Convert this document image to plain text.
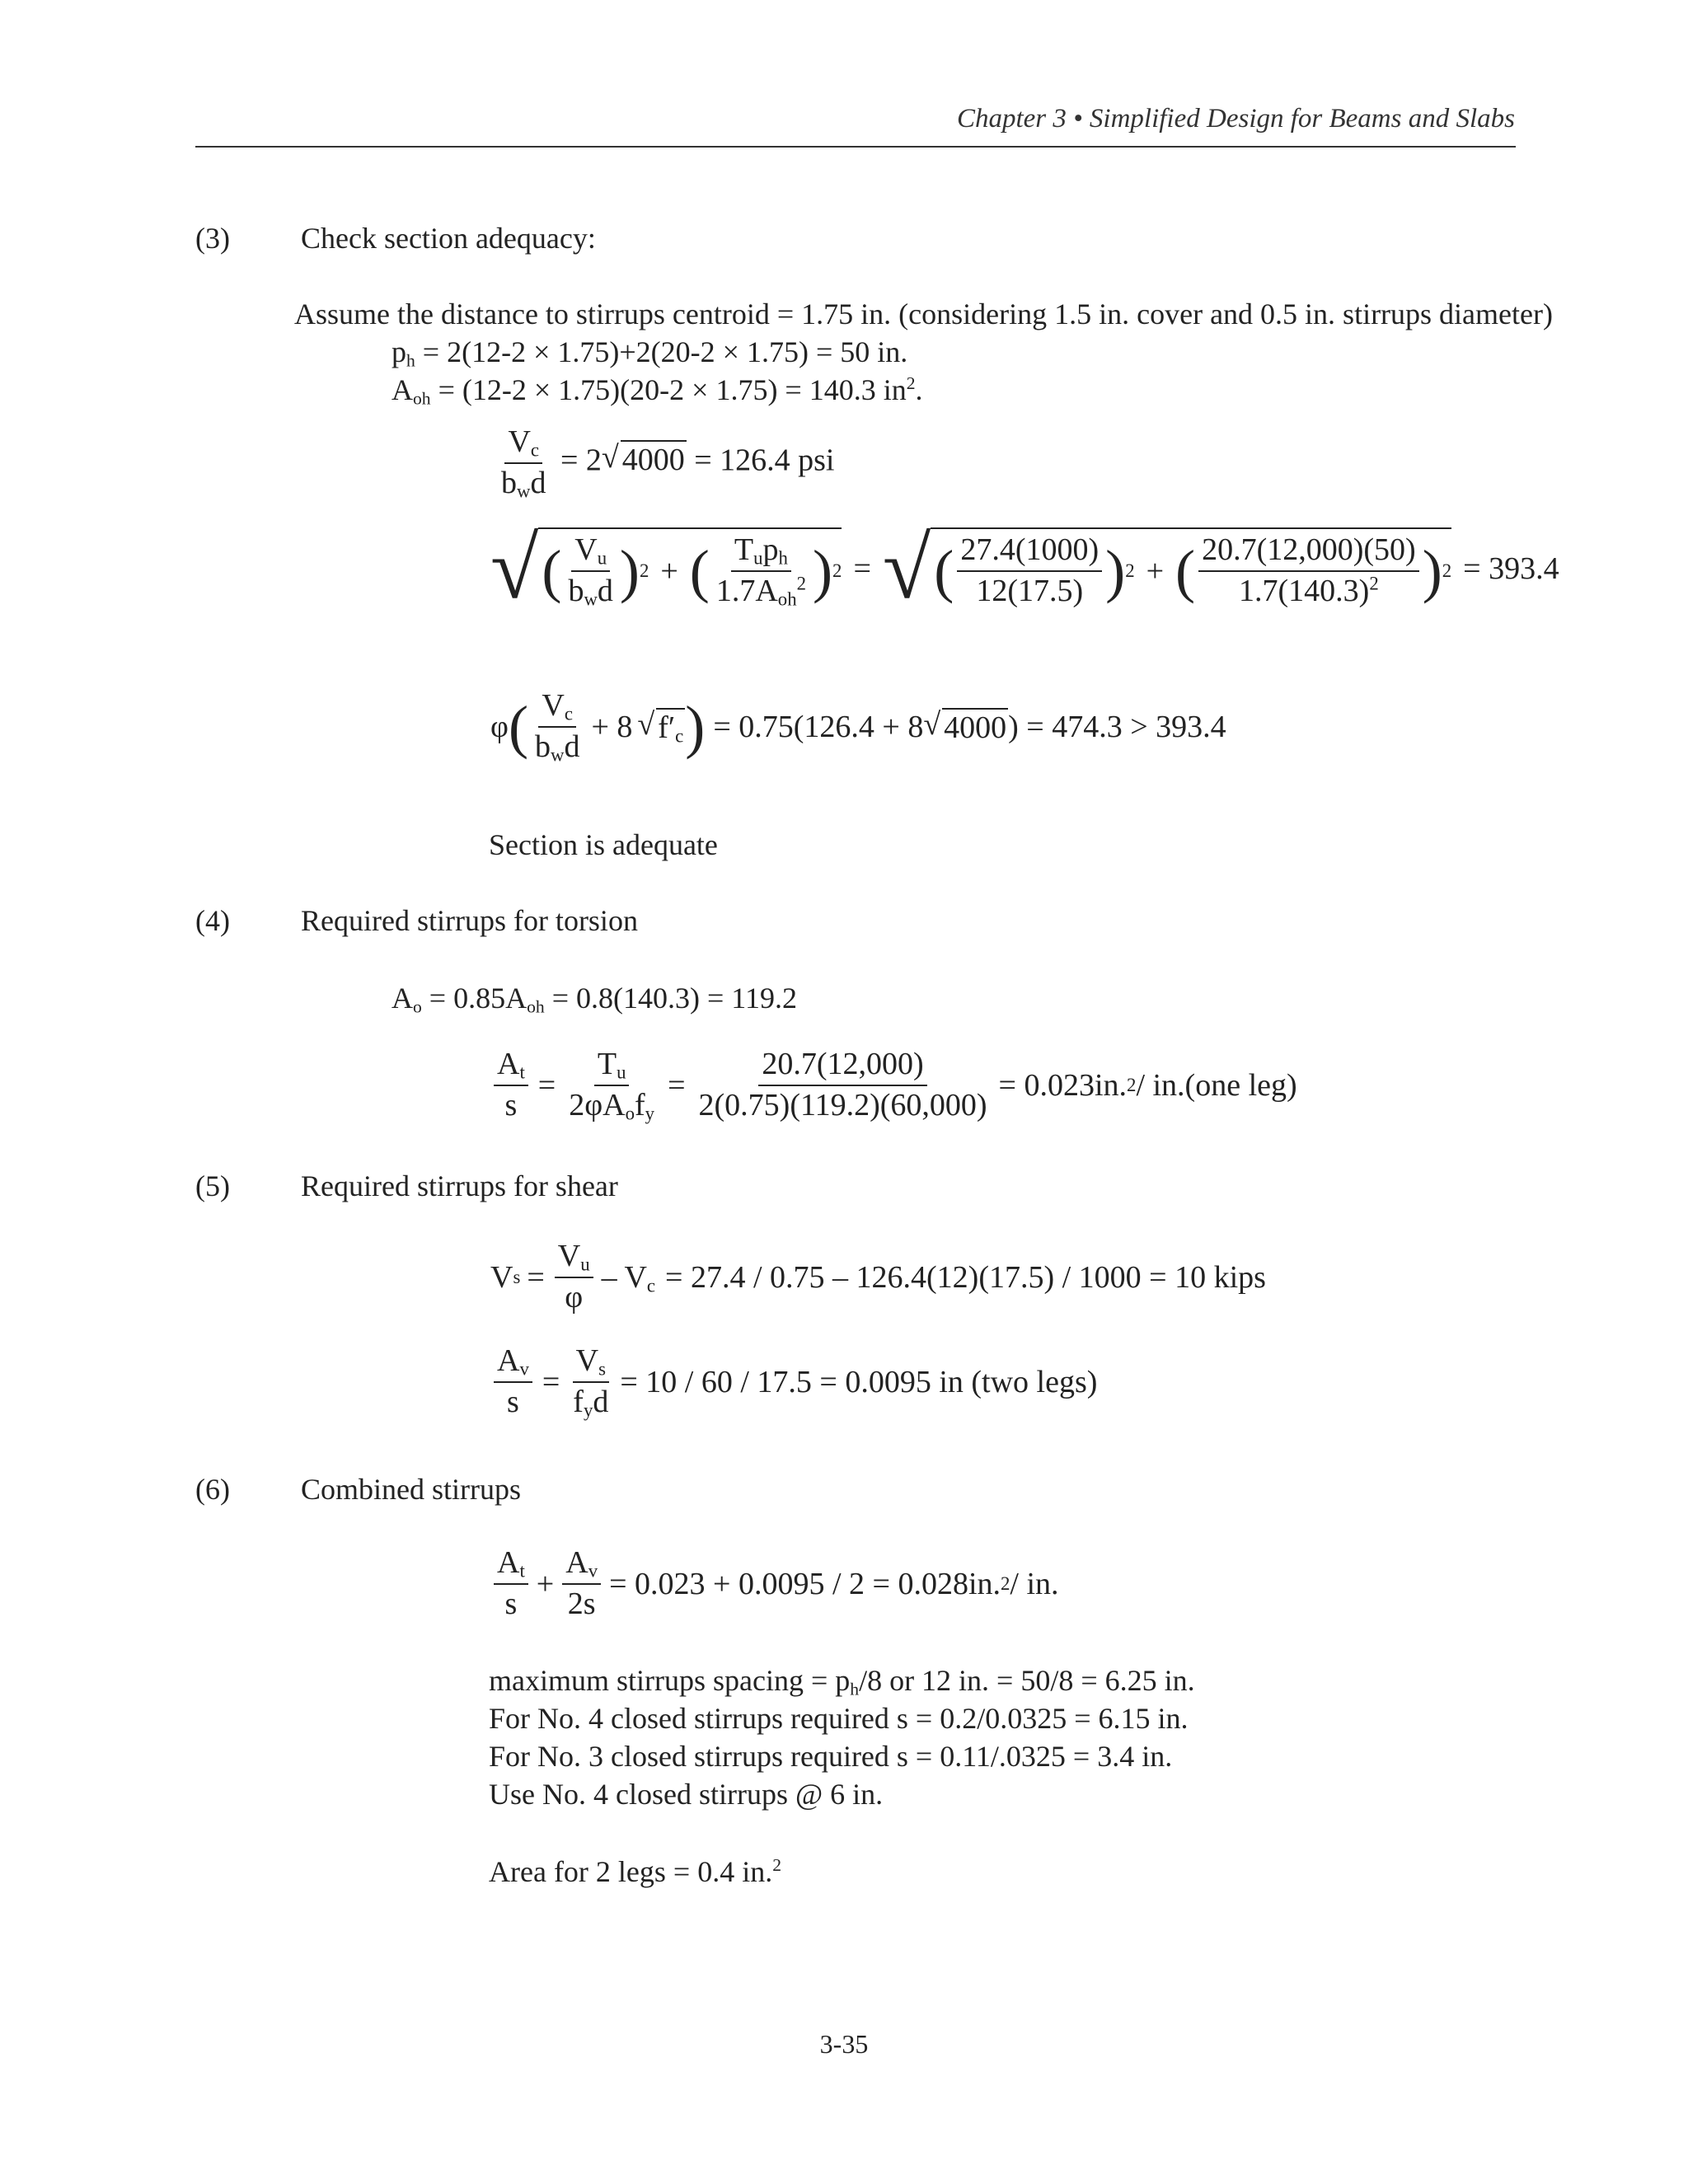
Chapter 3 • Simplified Design for Beams and Slabs
(3) Check section adequacy:
Assume the distance to stirrups centroid = 1.75 in. (considering 1.5 in. cover and 0.5 in. stirrups diameter)
$p_h = 2(12-2 \times 1.75)+2(20-2 \times 1.75) = 50$ in.
$A_{oh} = (12-2 \times 1.75)(20-2 \times 1.75) = 140.3$ $in^2$.
$\frac{V_c}{b_wd} = 2√$ 4000 = 126.4 psi
√ ( $\frac{V_u}{b_wd}$ ) 2 + ( $\frac{T_up_h}{1.7A_{oh}^2}$ ) 2 = √ ( $\frac{27.4(1000)}{12(17.5)}$ ) 2 + ( $\frac{20.7(12,000)(50)}{1.7(140.3)^2}$ ) 2 = 393.4
φ ( $\frac{V_c}{b_wd} + 8$
√ $f'_c$ ) = 0.75(126.4 + 8
√ 4000 ) = 474.3 > 393.4
Section is adequate
(4) Required stirrups for torsion
$A_o = 0.85A_{oh} = 0.8(140.3) = 119.2$
$\frac{A_t}{s} = \frac{T_u}{2\varphi A_of_y} = \frac{20.7(12,000)}{2(0.75)(119.2)(60,000)} = 0.023in$. 2 / in.(one leg)
(5) Required stirrups for shear
V $s = \frac{V_u}{\varphi} - V_c = 27.4 / 0.75 - 126.4(12)(17.5) / 1000 = 10$ kips
$\frac{A_v}{s} = \frac{V_s}{f_yd} = 10 / 60 / 17.5 = 0.0095$ in (two legs)
(6) Combined stirrups
$\frac{A_t}{s} + \frac{A_v}{2s} = 0.023 + 0.0095 / 2 = 0.028in$. 2 / in.
maximum stirrups spacing = $p_h/8$ or 12 in. = 50/8 = 6.25 in.
For No. 4 closed stirrups required s = 0.2/0.0325 = 6.15 in.
For No. 3 closed stirrups required s = 0.11/.0325 = 3.4 in.
Use No. 4 closed stirrups @ 6 in.
Area for 2 legs = 0.4 in.$^2$
3-35
